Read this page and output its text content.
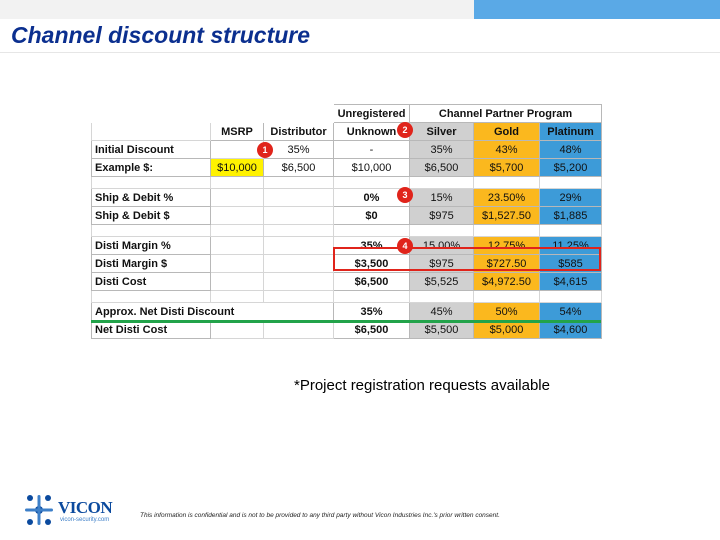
Channel discount structure
			Unregistered	Channel Partner Program		
	MSRP	Distributor	Unknown	Silver	Gold	Platinum
Initial Discount		35%	-	35%	43%	48%
Example $:	$10,000	$6,500	$10,000	$6,500	$5,700	$5,200

Ship & Debit %			0%	15%	23.50%	29%
Ship & Debit $			$0	$975	$1,527.50	$1,885

Disti Margin %			35%	15.00%	12.75%	11.25%
Disti Margin $			$3,500	$975	$727.50	$585
Disti Cost			$6,500	$5,525	$4,972.50	$4,615

Approx. Net Disti Discount			35%	45%	50%	54%
Net Disti Cost			$6,500	$5,500	$5,000	$4,600
1
2
3
4
*Project registration requests available
VICON
vicon-security.com
This information is confidential and is not to be provided to any third party without Vicon Industries Inc.'s prior written consent.
